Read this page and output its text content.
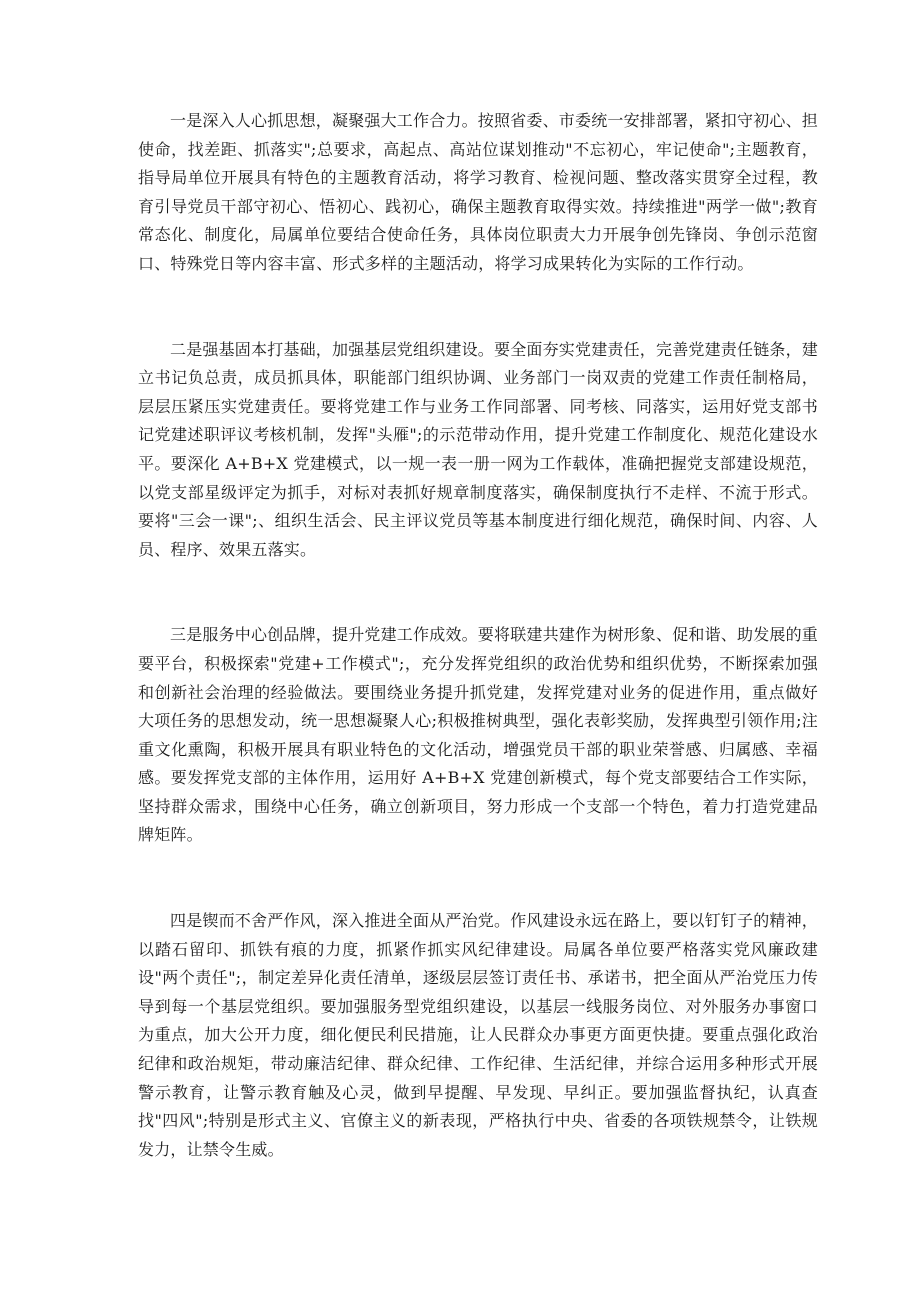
一是深入人心抓思想，凝聚强大工作合力。按照省委、市委统一安排部署，紧扣守初心、担使命，找差距、抓落实";总要求，高起点、高站位谋划推动"不忘初心，牢记使命";主题教育，指导局单位开展具有特色的主题教育活动，将学习教育、检视问题、整改落实贯穿全过程，教育引导党员干部守初心、悟初心、践初心，确保主题教育取得实效。持续推进"两学一做";教育常态化、制度化，局属单位要结合使命任务，具体岗位职责大力开展争创先锋岗、争创示范窗口、特殊党日等内容丰富、形式多样的主题活动，将学习成果转化为实际的工作行动。

二是强基固本打基础，加强基层党组织建设。要全面夯实党建责任，完善党建责任链条，建立书记负总责，成员抓具体，职能部门组织协调、业务部门一岗双责的党建工作责任制格局，层层压紧压实党建责任。要将党建工作与业务工作同部署、同考核、同落实，运用好党支部书记党建述职评议考核机制，发挥"头雁";的示范带动作用，提升党建工作制度化、规范化建设水平。要深化 A+B+X 党建模式，以一规一表一册一网为工作载体，准确把握党支部建设规范，以党支部星级评定为抓手，对标对表抓好规章制度落实，确保制度执行不走样、不流于形式。要将"三会一课";、组织生活会、民主评议党员等基本制度进行细化规范，确保时间、内容、人员、程序、效果五落实。

三是服务中心创品牌，提升党建工作成效。要将联建共建作为树形象、促和谐、助发展的重要平台，积极探索"党建+工作模式";，充分发挥党组织的政治优势和组织优势，不断探索加强和创新社会治理的经验做法。要围绕业务提升抓党建，发挥党建对业务的促进作用，重点做好大项任务的思想发动，统一思想凝聚人心;积极推树典型，强化表彰奖励，发挥典型引领作用;注重文化熏陶，积极开展具有职业特色的文化活动，增强党员干部的职业荣誉感、归属感、幸福感。要发挥党支部的主体作用，运用好 A+B+X 党建创新模式，每个党支部要结合工作实际，坚持群众需求，围绕中心任务，确立创新项目，努力形成一个支部一个特色，着力打造党建品牌矩阵。

四是锲而不舍严作风，深入推进全面从严治党。作风建设永远在路上，要以钉钉子的精神，以踏石留印、抓铁有痕的力度，抓紧作抓实风纪律建设。局属各单位要严格落实党风廉政建设"两个责任";，制定差异化责任清单，逐级层层签订责任书、承诺书，把全面从严治党压力传导到每一个基层党组织。要加强服务型党组织建设，以基层一线服务岗位、对外服务办事窗口为重点，加大公开力度，细化便民利民措施，让人民群众办事更方面更快捷。要重点强化政治纪律和政治规矩，带动廉洁纪律、群众纪律、工作纪律、生活纪律，并综合运用多种形式开展警示教育，让警示教育触及心灵，做到早提醒、早发现、早纠正。要加强监督执纪，认真查找"四风";特别是形式主义、官僚主义的新表现，严格执行中央、省委的各项铁规禁令，让铁规发力，让禁令生威。
